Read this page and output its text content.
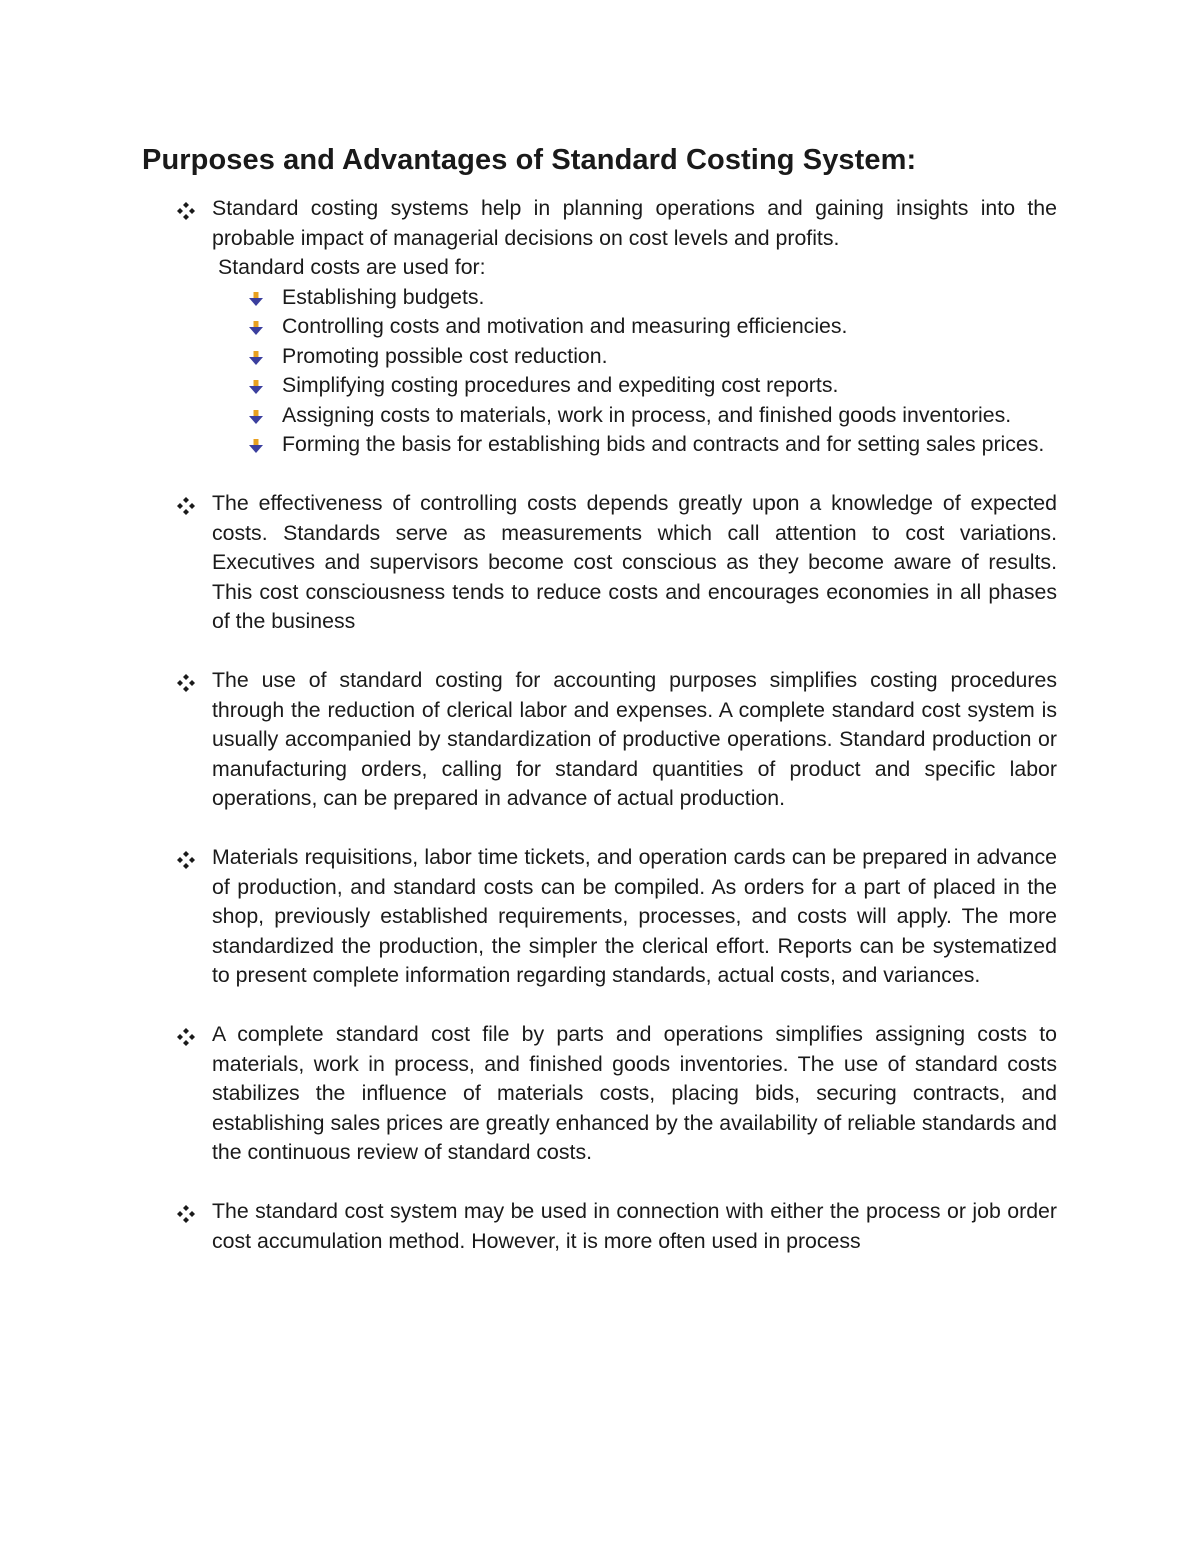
Purposes and Advantages of Standard Costing System:

Standard costing systems help in planning operations and gaining insights into the probable impact of managerial decisions on cost levels and profits.

Standard costs are used for:

Establishing budgets.

Controlling costs and motivation and measuring efficiencies.

Promoting possible cost reduction.

Simplifying costing procedures and expediting cost reports.

Assigning costs to materials, work in process, and finished goods inventories.

Forming the basis for establishing bids and contracts and for setting sales prices.

The effectiveness of controlling costs depends greatly upon a knowledge of expected costs. Standards serve as measurements which call attention to cost variations. Executives and supervisors become cost conscious as they become aware of results. This cost consciousness tends to reduce costs and encourages economies in all phases of the business

The use of standard costing for accounting purposes simplifies costing procedures through the reduction of clerical labor and expenses. A complete standard cost system is usually accompanied by standardization of productive operations. Standard production or manufacturing orders, calling for standard quantities of product and specific labor operations, can be prepared in advance of actual production.

Materials requisitions, labor time tickets, and operation cards can be prepared in advance of production, and standard costs can be compiled. As orders for a part of placed in the shop, previously established requirements, processes, and costs will apply. The more standardized the production, the simpler the clerical effort. Reports can be systematized to present complete information regarding standards, actual costs, and variances.

A complete standard cost file by parts and operations simplifies assigning costs to materials, work in process, and finished goods inventories. The use of standard costs stabilizes the influence of materials costs, placing bids, securing contracts, and establishing sales prices are greatly enhanced by the availability of reliable standards and the continuous review of standard costs.

The standard cost system may be used in connection with either the process or job order cost accumulation method. However, it is more often used in process
